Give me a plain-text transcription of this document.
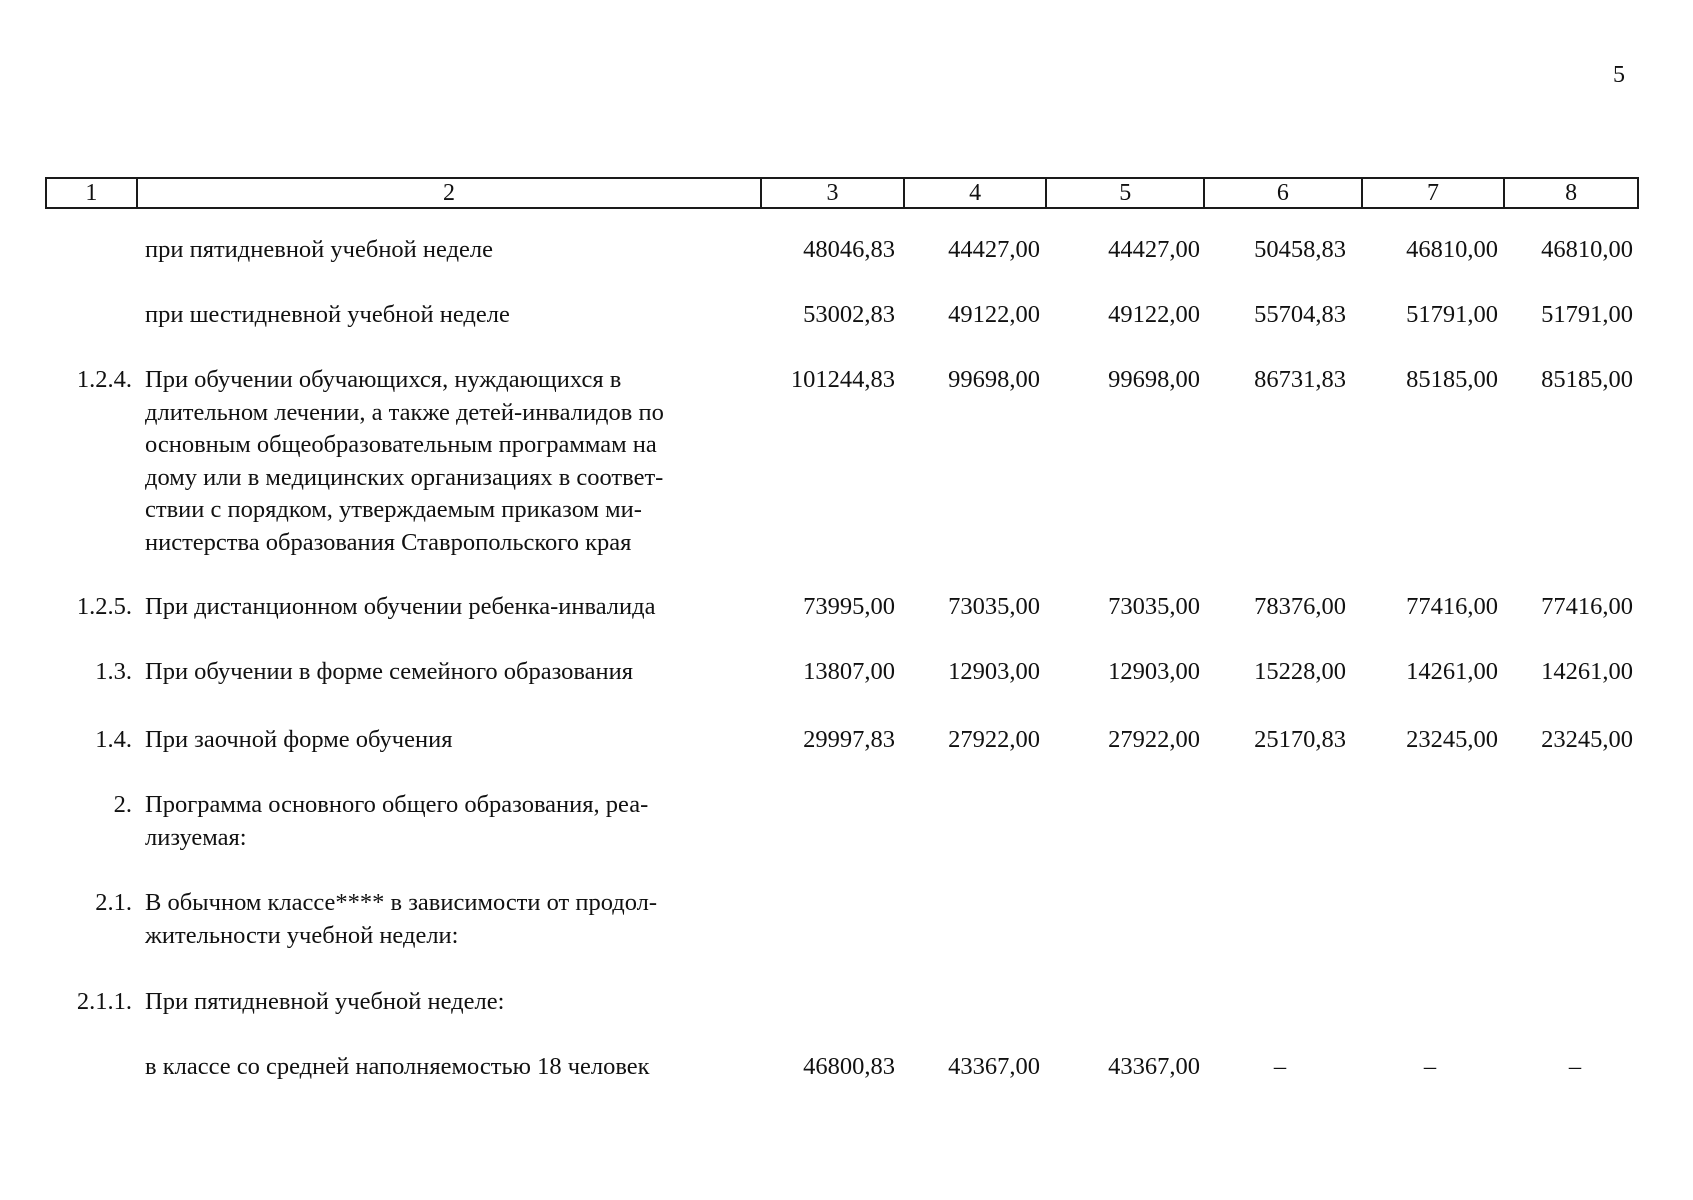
5
1	2	3	4	5	6	7	8
при пятидневной учебной неделе	48046,83	44427,00	44427,00	50458,83	46810,00	46810,00
при шестидневной учебной неделе	53002,83	49122,00	49122,00	55704,83	51791,00	51791,00
1.2.4. При обучении обучающихся, нуждающихся в
длительном лечении, а также детей-инвалидов по
основным общеобразовательным программам на
дому или в медицинских организациях в соответ-
ствии с порядком, утверждаемым приказом ми-
нистерства образования Ставропольского края
101244,83	99698,00	99698,00	86731,83	85185,00	85185,00
1.2.5. При дистанционном обучении ребенка-инвалида	73995,00	73035,00	73035,00	78376,00	77416,00	77416,00
1.3. При обучении в форме семейного образования	13807,00	12903,00	12903,00	15228,00	14261,00	14261,00
1.4. При заочной форме обучения	29997,83	27922,00	27922,00	25170,83	23245,00	23245,00
2. Программа основного общего образования, реа-
лизуемая:
2.1. В обычном классе**** в зависимости от продол-
жительности учебной недели:
2.1.1. При пятидневной учебной неделе:
в классе со средней наполняемостью 18 человек	46800,83	43367,00	43367,00	–	–	–
